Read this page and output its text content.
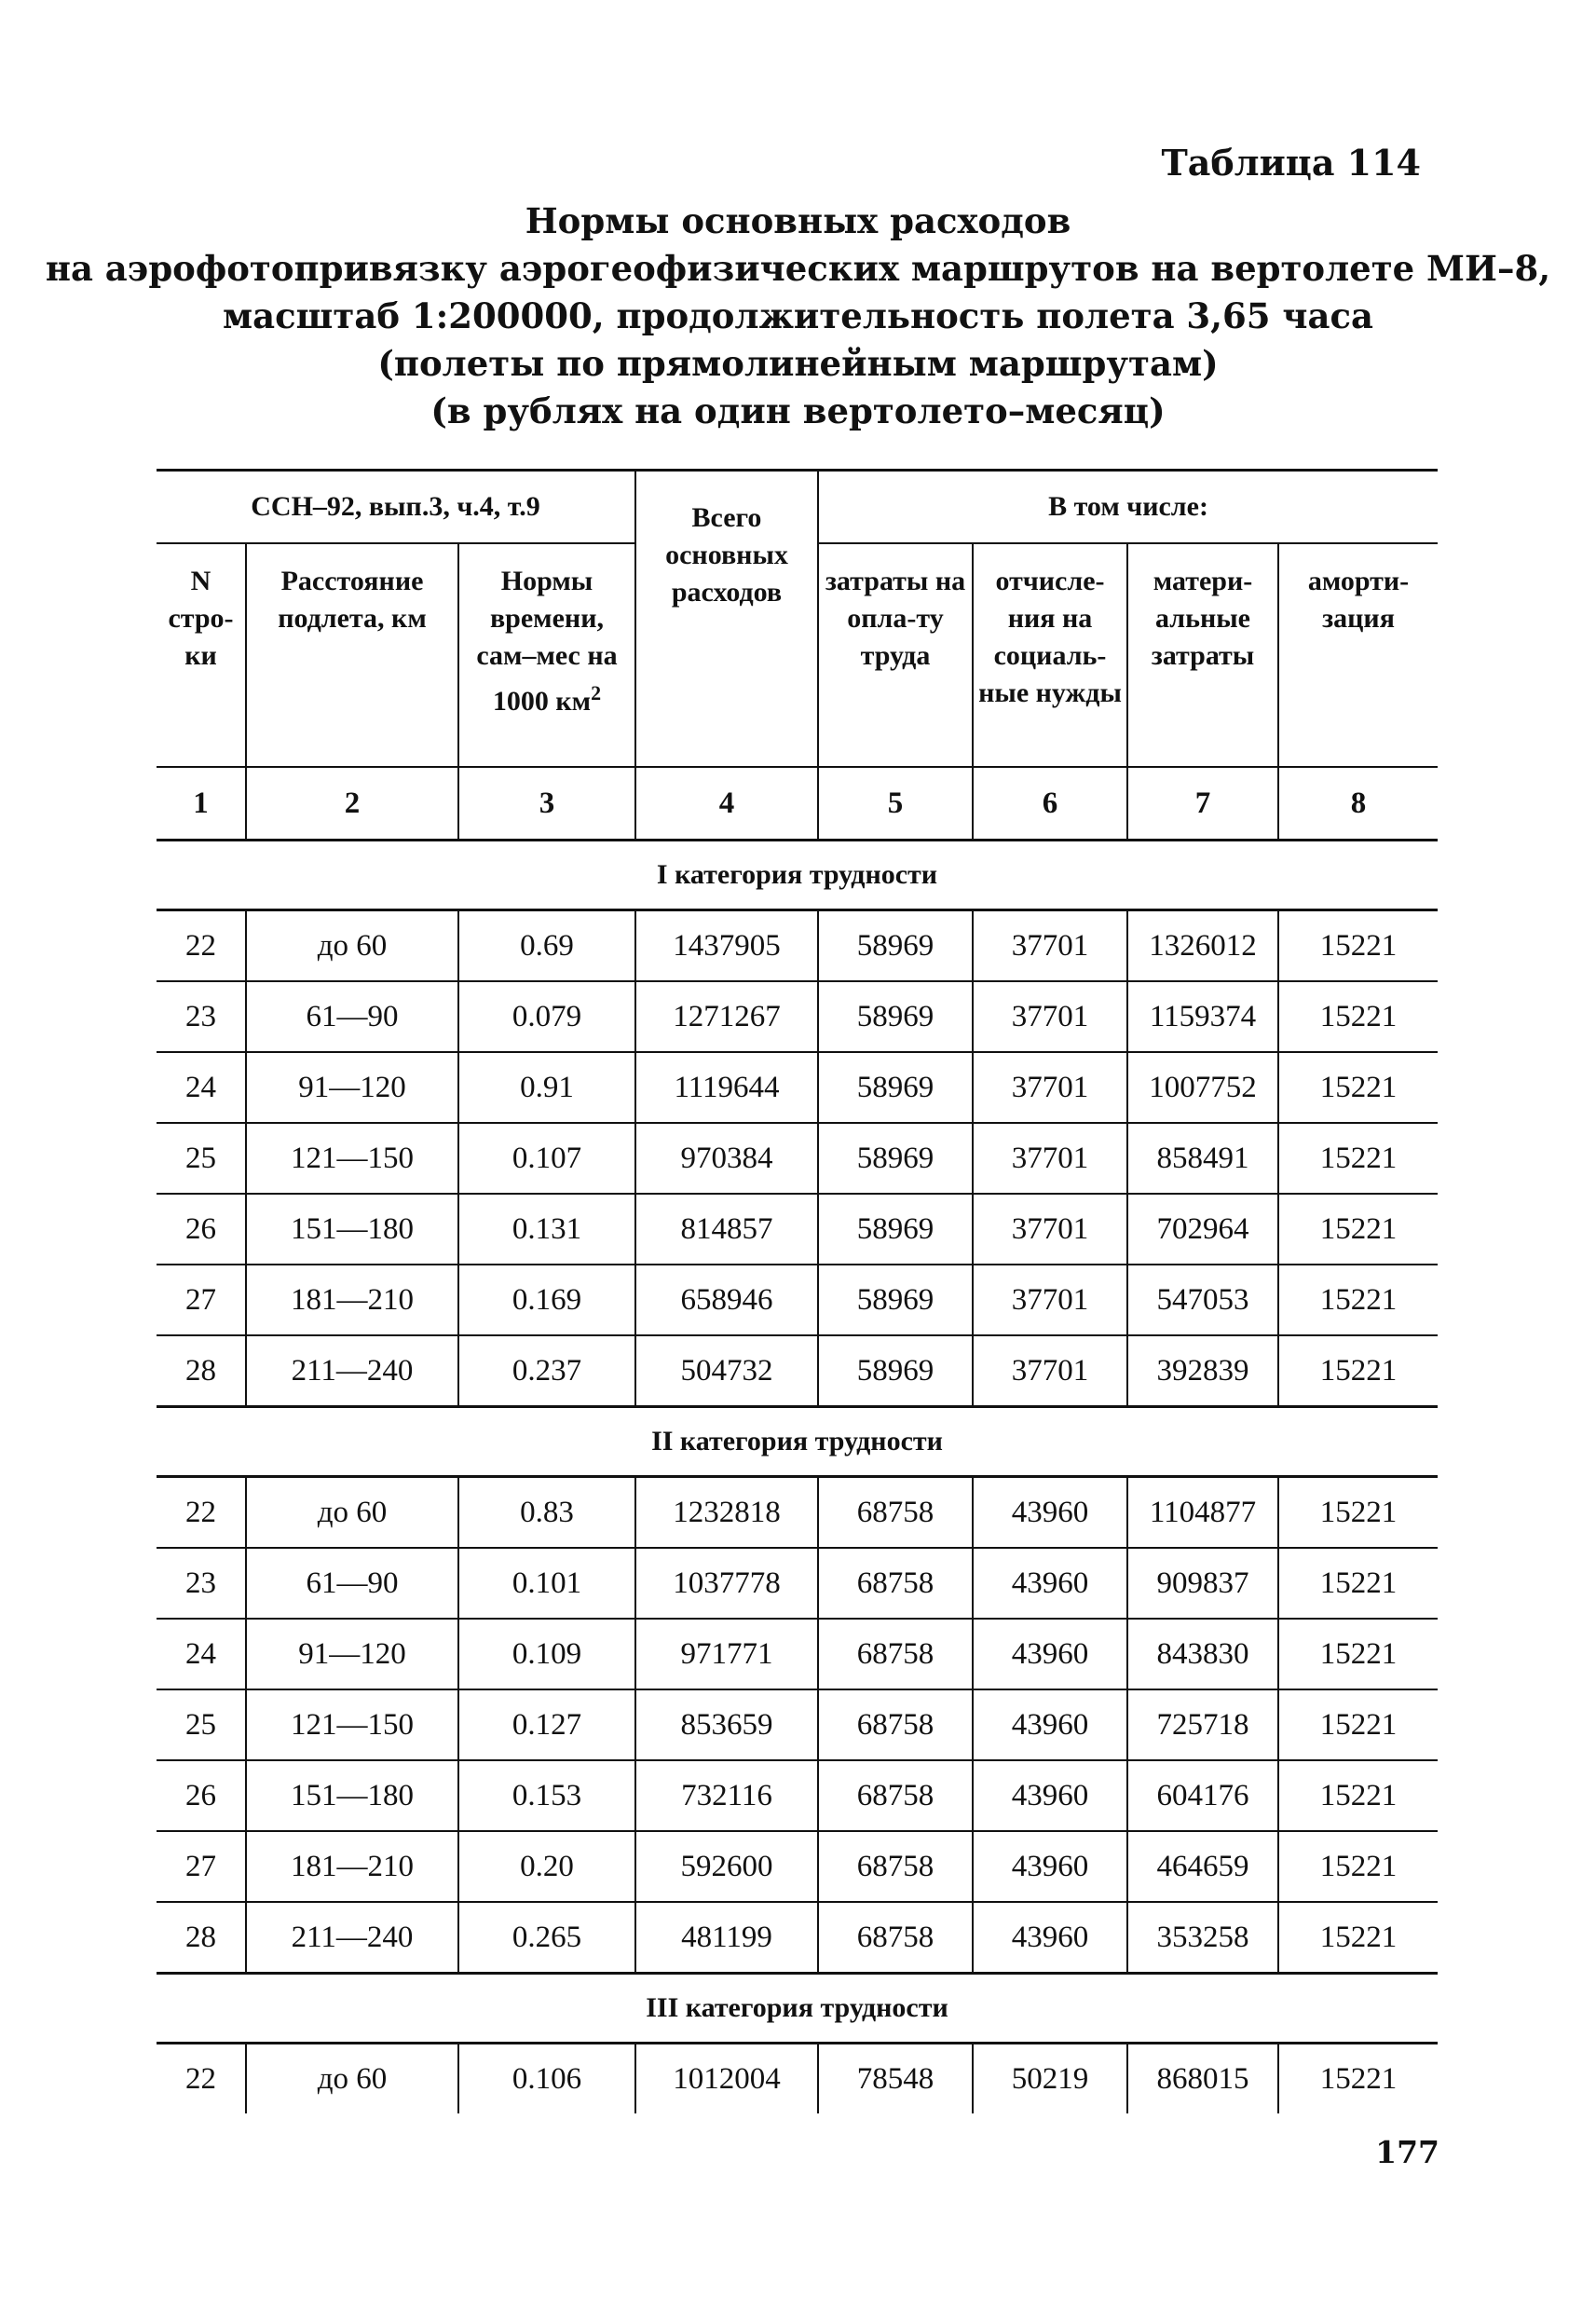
Таблица 114
Нормы основных расходов
на аэрофотопривязку аэрогеофизических маршрутов на вертолете МИ–8,
масштаб 1:200000, продолжительность полета 3,65 часа
(полеты по прямолинейным маршрутам)
(в рублях на один вертолето–месяц)
ССН–92, вып.3, ч.4, т.9			Всего основных расходов	В том числе:			
N стро-ки	Расстояние подлета, км	Нормы времени, сам–мес на 1000 $км^2$		затраты на опла-ту труда	отчисле-ния на социаль-ные нужды	матери-альные затраты	аморти-зация
1	2	3	4	5	6	7	8
I категория трудности							
22	до 60	0.69	1437905	58969	37701	1326012	15221
23	61—90	0.079	1271267	58969	37701	1159374	15221
24	91—120	0.91	1119644	58969	37701	1007752	15221
25	121—150	0.107	970384	58969	37701	858491	15221
26	151—180	0.131	814857	58969	37701	702964	15221
27	181—210	0.169	658946	58969	37701	547053	15221
28	211—240	0.237	504732	58969	37701	392839	15221
II категория трудности							
22	до 60	0.83	1232818	68758	43960	1104877	15221
23	61—90	0.101	1037778	68758	43960	909837	15221
24	91—120	0.109	971771	68758	43960	843830	15221
25	121—150	0.127	853659	68758	43960	725718	15221
26	151—180	0.153	732116	68758	43960	604176	15221
27	181—210	0.20	592600	68758	43960	464659	15221
28	211—240	0.265	481199	68758	43960	353258	15221
III категория трудности							
22	до 60	0.106	1012004	78548	50219	868015	15221
177
